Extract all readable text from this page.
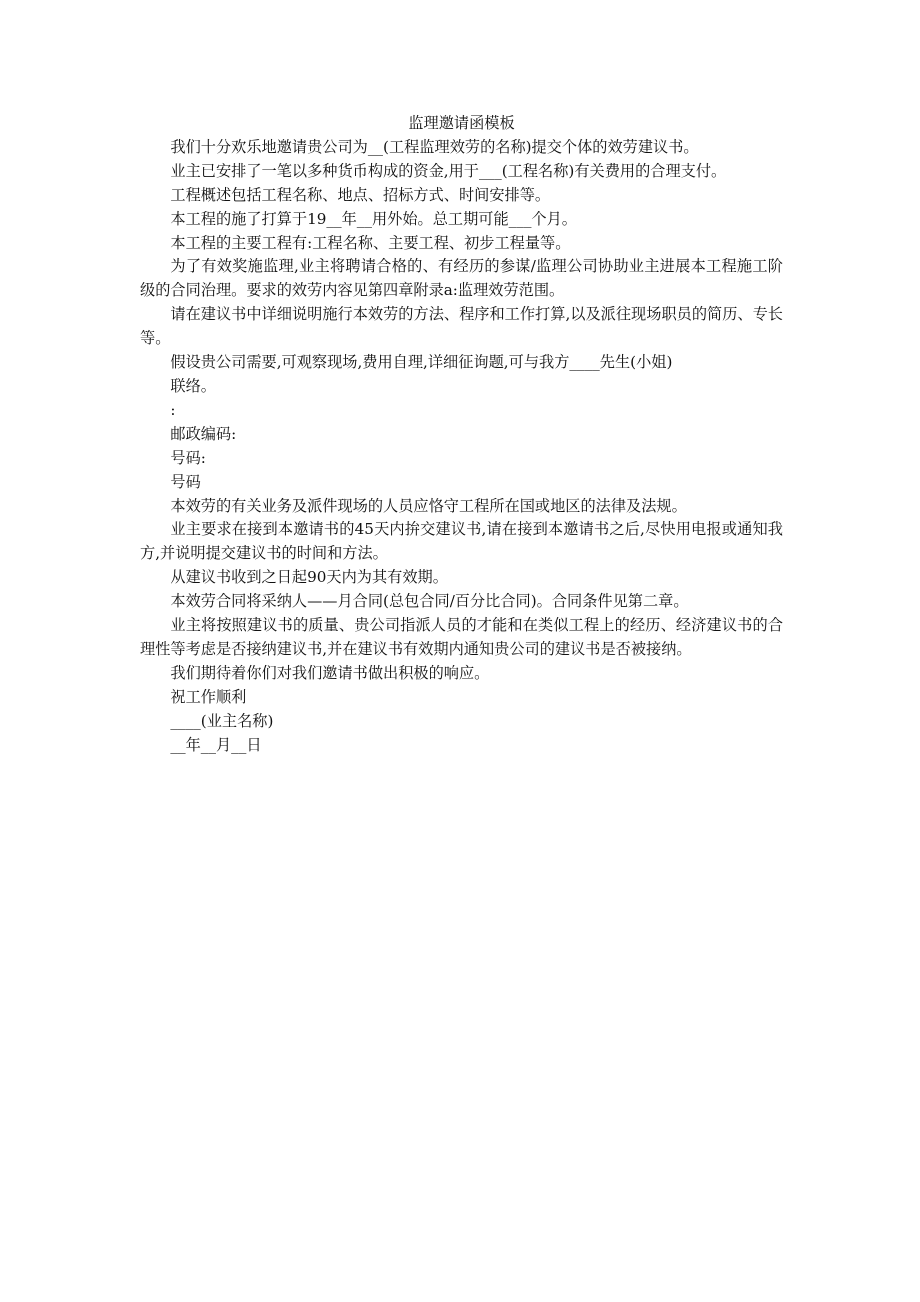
监理邀请函模板

我们十分欢乐地邀请贵公司为__(工程监理效劳的名称)提交个体的效劳建议书。

业主已安排了一笔以多种货币构成的资金,用于___(工程名称)有关费用的合理支付。

工程概述包括工程名称、地点、招标方式、时间安排等。

本工程的施了打算于19__年__用外始。总工期可能___个月。

本工程的主要工程有:工程名称、主要工程、初步工程量等。

为了有效奖施监理,业主将聘请合格的、有经历的参谋/监理公司协助业主进展本工程施工阶级的合同治理。要求的效劳内容见第四章附录a:监理效劳范围。

请在建议书中详细说明施行本效劳的方法、程序和工作打算,以及派往现场职员的简历、专长等。

假设贵公司需要,可观察现场,费用自理,详细征询题,可与我方____先生(小姐)

联络。

:

邮政编码:

号码:

号码

本效劳的有关业务及派件现场的人员应恪守工程所在国或地区的法律及法规。

业主要求在接到本邀请书的45天内拚交建议书,请在接到本邀请书之后,尽快用电报或通知我方,并说明提交建议书的时间和方法。

从建议书收到之日起90天内为其有效期。

本效劳合同将采纳人——月合同(总包合同/百分比合同)。合同条件见第二章。

业主将按照建议书的质量、贵公司指派人员的才能和在类似工程上的经历、经济建议书的合理性等考虑是否接纳建议书,并在建议书有效期内通知贵公司的建议书是否被接纳。

我们期待着你们对我们邀请书做出积极的响应。

祝工作顺利

____(业主名称)

__年__月__日
